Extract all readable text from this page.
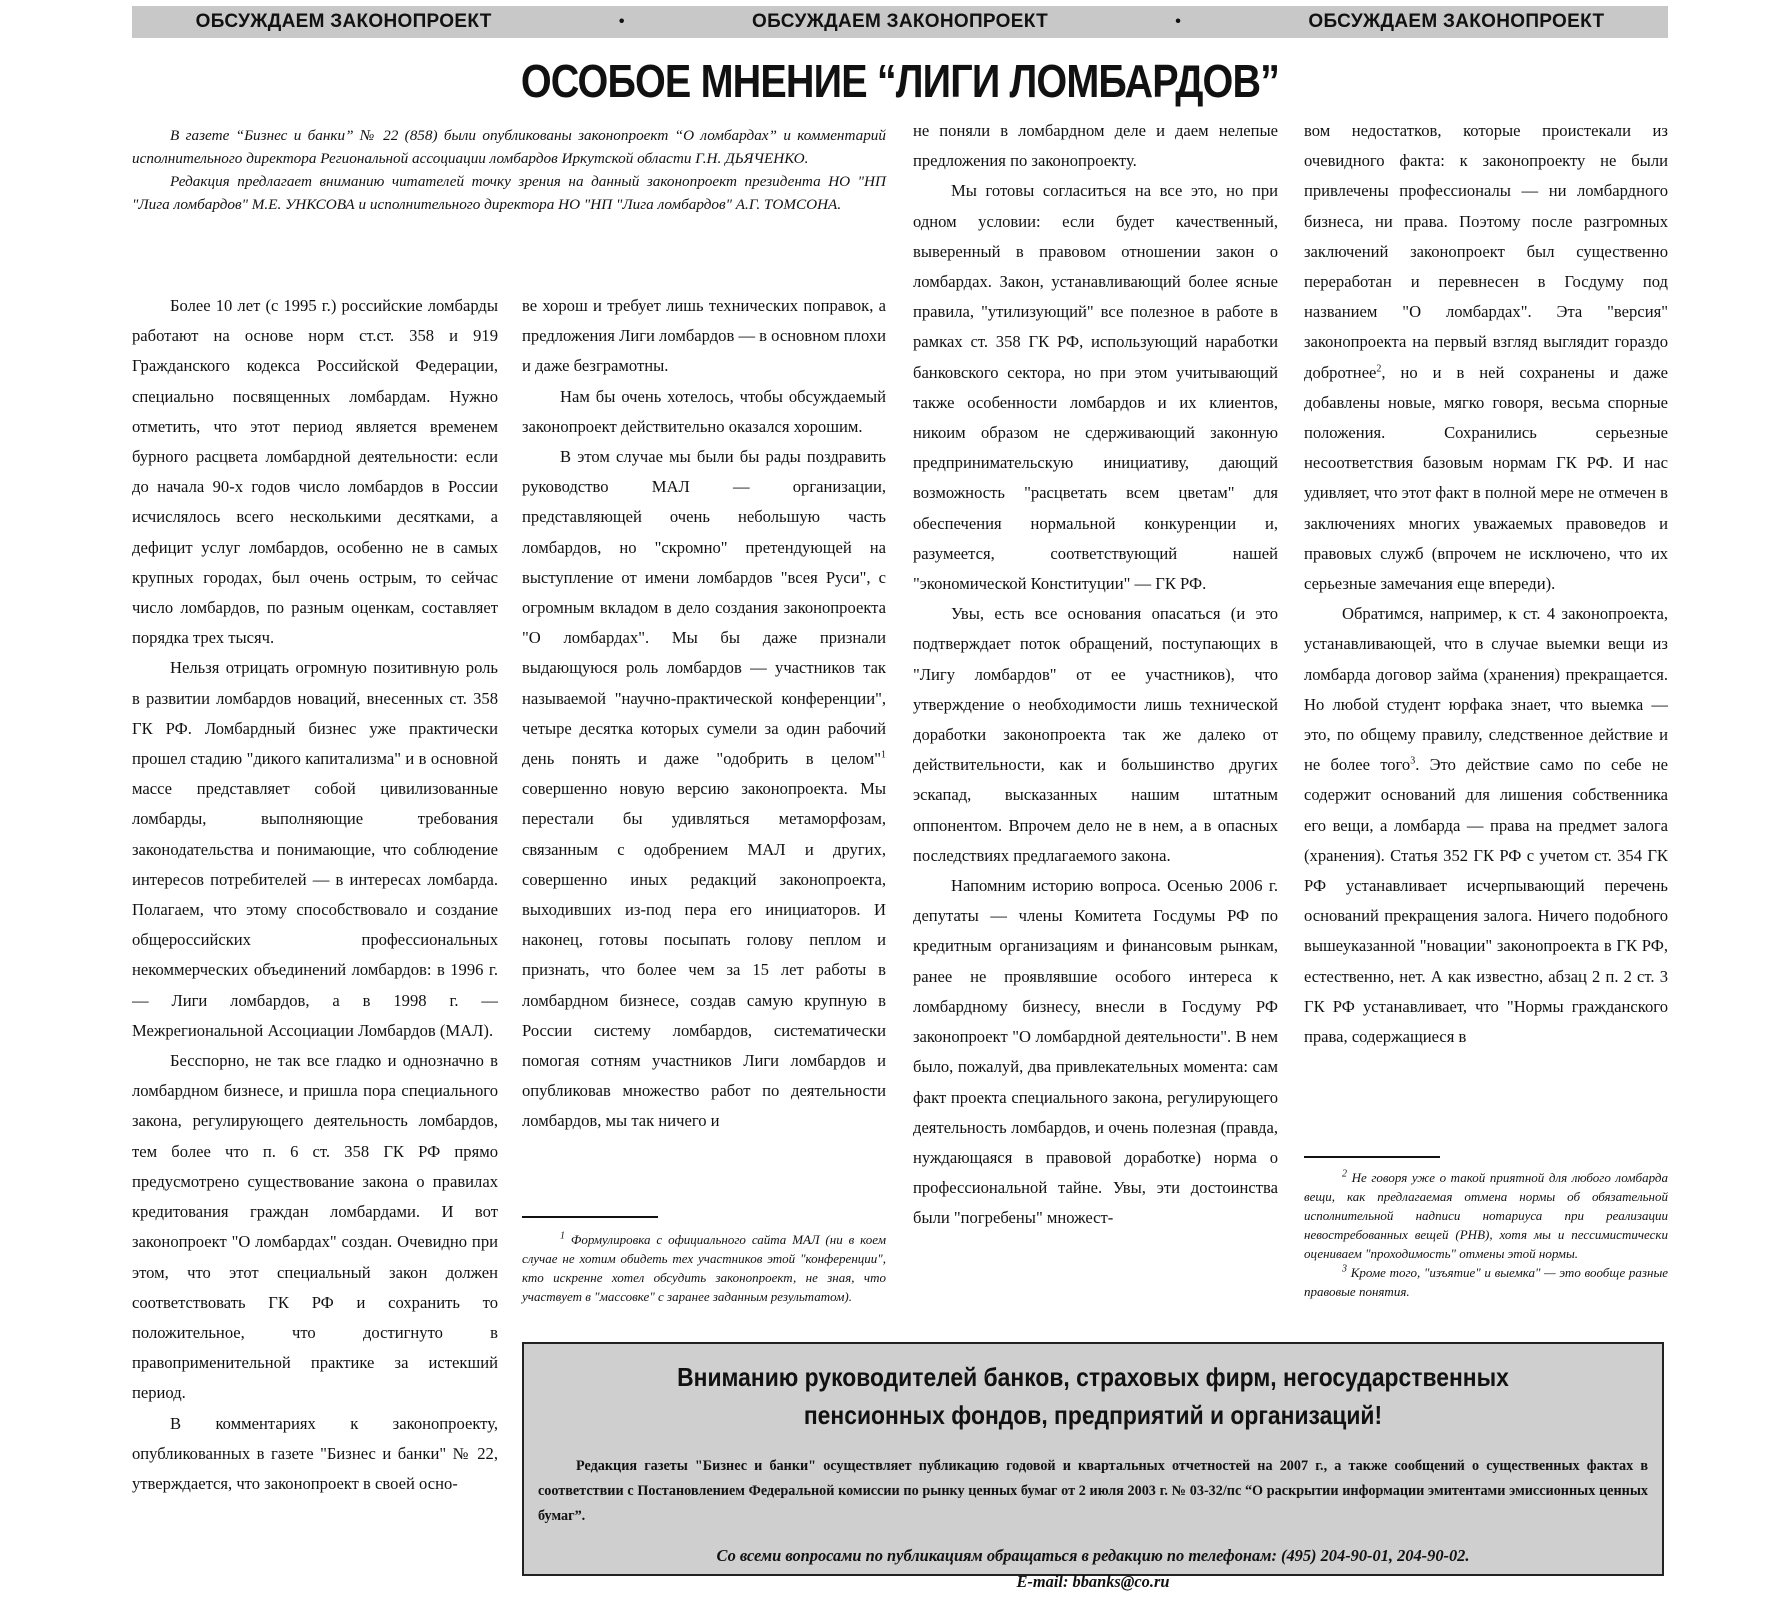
ОБСУЖДАЕМ ЗАКОНОПРОЕКТ	•	ОБСУЖДАЕМ ЗАКОНОПРОЕКТ	•	ОБСУЖДАЕМ ЗАКОНОПРОЕКТ
ОСОБОЕ МНЕНИЕ “ЛИГИ ЛОМБАРДОВ”

В газете “Бизнес и банки” № 22 (858) были опубликованы законопроект “О ломбардах” и комментарий исполнительного директора Региональной ассоциации ломбардов Иркутской области Г.Н. ДЬЯЧЕНКО.

Редакция предлагает вниманию читателей точку зрения на данный законопроект президента НО "НП "Лига ломбардов" М.Е. УНКСОВА и исполнительного директора НО "НП "Лига ломбардов" А.Г. ТОМСОНА.

Более 10 лет (с 1995 г.) российские ломбарды работают на основе норм ст.ст. 358 и 919 Гражданского кодекса Российской Федерации, специально посвященных ломбардам. Нужно отметить, что этот период является временем бурного расцвета ломбардной деятельности: если до начала 90-х годов число ломбардов в России исчислялось всего несколькими десятками, а дефицит услуг ломбардов, особенно не в самых крупных городах, был очень острым, то сейчас число ломбардов, по разным оценкам, составляет порядка трех тысяч.

Нельзя отрицать огромную позитивную роль в развитии ломбардов новаций, внесенных ст. 358 ГК РФ. Ломбардный бизнес уже практически прошел стадию "дикого капитализма" и в основной массе представляет собой цивилизованные ломбарды, выполняющие требования законодательства и понимающие, что соблюдение интересов потребителей — в интересах ломбарда. Полагаем, что этому способствовало и создание общероссийских профессиональных некоммерческих объединений ломбардов: в 1996 г. — Лиги ломбардов, а в 1998 г. — Межрегиональной Ассоциации Ломбардов (МАЛ).

Бесспорно, не так все гладко и однозначно в ломбардном бизнесе, и пришла пора специального закона, регулирующего деятельность ломбардов, тем более что п. 6 ст. 358 ГК РФ прямо предусмотрено существование закона о правилах кредитования граждан ломбардами. И вот законопроект "О ломбардах" создан. Очевидно при этом, что этот специальный закон должен соответствовать ГК РФ и сохранить то положительное, что достигнуто в правоприменительной практике за истекший период.

В комментариях к законопроекту, опубликованных в газете "Бизнес и банки" № 22, утверждается, что законопроект в своей осно-

ве хорош и требует лишь технических поправок, а предложения Лиги ломбардов — в основном плохи и даже безграмотны.

Нам бы очень хотелось, чтобы обсуждаемый законопроект действительно оказался хорошим.

В этом случае мы были бы рады поздравить руководство МАЛ — организации, представляющей очень небольшую часть ломбардов, но "скромно" претендующей на выступление от имени ломбардов "всея Руси", с огромным вкладом в дело создания законопроекта "О ломбардах". Мы бы даже признали выдающуюся роль ломбардов — участников так называемой "научно-практической конференции", четыре десятка которых сумели за один рабочий день понять и даже "одобрить в целом"$^1$ совершенно новую версию законопроекта. Мы перестали бы удивляться метаморфозам, связанным с одобрением МАЛ и других, совершенно иных редакций законопроекта, выходивших из-под пера его инициаторов. И наконец, готовы посыпать голову пеплом и признать, что более чем за 15 лет работы в ломбардном бизнесе, создав самую крупную в России систему ломбардов, систематически помогая сотням участников Лиги ломбардов и опубликовав множество работ по деятельности ломбардов, мы так ничего и

$^1$ Формулировка с официального сайта МАЛ (ни в коем случае не хотим обидеть тех участников этой "конференции", кто искренне хотел обсудить законопроект, не зная, что участвует в "массовке" с заранее заданным результатом).

не поняли в ломбардном деле и даем нелепые предложения по законопроекту.

Мы готовы согласиться на все это, но при одном условии: если будет качественный, выверенный в правовом отношении закон о ломбардах. Закон, устанавливающий более ясные правила, "утилизующий" все полезное в работе в рамках ст. 358 ГК РФ, использующий наработки банковского сектора, но при этом учитывающий также особенности ломбардов и их клиентов, никоим образом не сдерживающий законную предпринимательскую инициативу, дающий возможность "расцветать всем цветам" для обеспечения нормальной конкуренции и, разумеется, соответствующий нашей "экономической Конституции" — ГК РФ.

Увы, есть все основания опасаться (и это подтверждает поток обращений, поступающих в "Лигу ломбардов" от ее участников), что утверждение о необходимости лишь технической доработки законопроекта так же далеко от действительности, как и большинство других эскапад, высказанных нашим штатным оппонентом. Впрочем дело не в нем, а в опасных последствиях предлагаемого закона.

Напомним историю вопроса. Осенью 2006 г. депутаты — члены Комитета Госдумы РФ по кредитным организациям и финансовым рынкам, ранее не проявлявшие особого интереса к ломбардному бизнесу, внесли в Госдуму РФ законопроект "О ломбардной деятельности". В нем было, пожалуй, два привлекательных момента: сам факт проекта специального закона, регулирующего деятельность ломбардов, и очень полезная (правда, нуждающаяся в правовой доработке) норма о профессиональной тайне. Увы, эти достоинства были "погребены" множест-

вом недостатков, которые проистекали из очевидного факта: к законопроекту не были привлечены профессионалы — ни ломбардного бизнеса, ни права. Поэтому после разгромных заключений законопроект был существенно переработан и перевнесен в Госдуму под названием "О ломбардах". Эта "версия" законопроекта на первый взгляд выглядит гораздо добротнее$^2$, но и в ней сохранены и даже добавлены новые, мягко говоря, весьма спорные положения. Сохранились серьезные несоответствия базовым нормам ГК РФ. И нас удивляет, что этот факт в полной мере не отмечен в заключениях многих уважаемых правоведов и правовых служб (впрочем не исключено, что их серьезные замечания еще впереди).

Обратимся, например, к ст. 4 законопроекта, устанавливающей, что в случае выемки вещи из ломбарда договор займа (хранения) прекращается. Но любой студент юрфака знает, что выемка — это, по общему правилу, следственное действие и не более того$^3$. Это действие само по себе не содержит оснований для лишения собственника его вещи, а ломбарда — права на предмет залога (хранения). Статья 352 ГК РФ с учетом ст. 354 ГК РФ устанавливает исчерпывающий перечень оснований прекращения залога. Ничего подобного вышеуказанной "новации" законопроекта в ГК РФ, естественно, нет. А как известно, абзац 2 п. 2 ст. 3 ГК РФ устанавливает, что "Нормы гражданского права, содержащиеся в

$^2$ Не говоря уже о такой приятной для любого ломбарда вещи, как предлагаемая отмена нормы об обязательной исполнительной надписи нотариуса при реализации невостребованных вещей (РНВ), хотя мы и пессимистически оцениваем "проходимость" отмены этой нормы.

$^3$ Кроме того, "изъятие" и выемка" — это вообще разные правовые понятия.

Вниманию руководителей банков, страховых фирм, негосударственных пенсионных фондов, предприятий и организаций!

Редакция газеты "Бизнес и банки" осуществляет публикацию годовой и квартальных отчетностей на 2007 г., а также сообщений о существенных фактах в соответствии с Постановлением Федеральной комиссии по рынку ценных бумаг от 2 июля 2003 г. № 03-32/пс “О раскрытии информации эмитентами эмиссионных ценных бумаг”.

Со всеми вопросами по публикациям обращаться в редакцию по телефонам: (495) 204-90-01, 204-90-02.
E-mail: bbanks@co.ru
